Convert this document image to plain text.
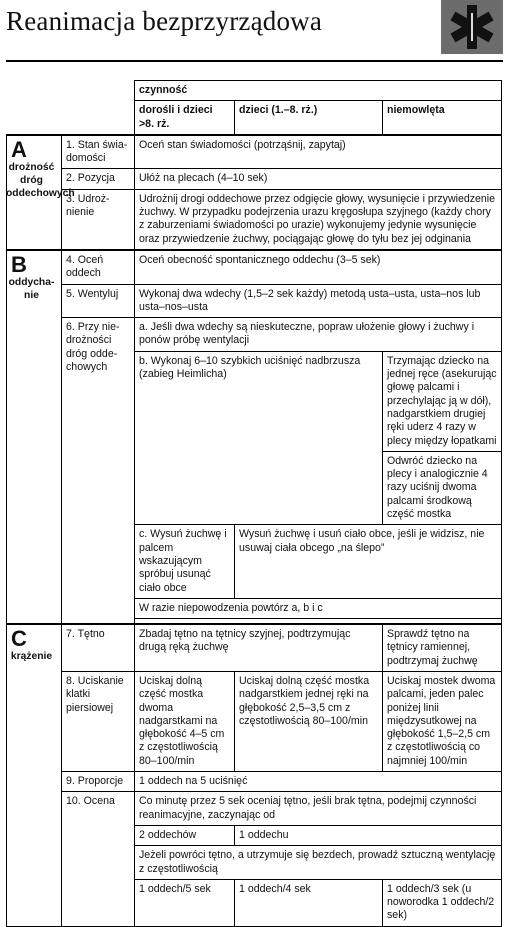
Reanimacja bezprzyrządowa
		czynność		
		dorośli i dzieci >8. rż.	dzieci (1.–8. rż.)	niemowlęta

A
drożność dróg oddechowych	1. Stan świa-domości	Oceń stan świadomości (potrząśnij, zapytaj)		
	2. Pozycja	Ułóż na plecach (4–10 sek)		
	3. Udroż-nienie	Udrożnij drogi oddechowe przez odgięcie głowy, wysunięcie i przywiedzenie żuchwy. W przypadku podejrzenia urazu kręgosłupa szyjnego (każdy chory z zaburzeniami świadomości po urazie) wykonujemy jedynie wysunięcie oraz przywiedzenie żuchwy, pociągając głowę do tyłu bez jej odginania		

B
oddycha-nie	4. Oceń oddech	Oceń obecność spontanicznego oddechu (3–5 sek)		
	5. Wentyluj	Wykonaj dwa wdechy (1,5–2 sek każdy) metodą usta–usta, usta–nos lub usta–nos–usta		
	6. Przy nie-drożności dróg odde-chowych	a. Jeśli dwa wdechy są nieskuteczne, popraw ułożenie głowy i żuchwy i ponów próbę wentylacji		
		b. Wykonaj 6–10 szybkich uciśnięć nadbrzusza (zabieg Heimlicha)		Trzymając dziecko na jednej ręce (asekurując głowę palcami i przechylając ją w dół), nadgarstkiem drugiej ręki uderz 4 razy w plecy między łopatkami
				Odwróć dziecko na plecy i analogicznie 4 razy uciśnij dwoma palcami środkową część mostka
		c. Wysuń żuchwę i palcem wskazującym spróbuj usunąć ciało obce	Wysuń żuchwę i usuń ciało obce, jeśli je widzisz, nie usuwaj ciała obcego „na ślepo”	
		W razie niepowodzenia powtórz a, b i c		

C
krążenie	7. Tętno	Zbadaj tętno na tętnicy szyjnej, podtrzymując drugą ręką żuchwę		Sprawdź tętno na tętnicy ramiennej, podtrzymaj żuchwę
	8. Uciskanie klatki piersiowej	Uciskaj dolną część mostka dwoma nadgarstkami na głębokość 4–5 cm z częstotliwością 80–100/min	Uciskaj dolną część mostka nadgarstkiem jednej ręki na głębokość 2,5–3,5 cm z częstotliwością 80–100/min	Uciskaj mostek dwoma palcami, jeden palec poniżej linii międzysutkowej na głębokość 1,5–2,5 cm z częstotliwością co najmniej 100/min
	9. Proporcje	1 oddech na 5 uciśnięć		
	10. Ocena	Co minutę przez 5 sek oceniaj tętno, jeśli brak tętna, podejmij czynności reanimacyjne, zaczynając od		
		2 oddechów	1 oddechu	
		Jeżeli powróci tętno, a utrzymuje się bezdech, prowadź sztuczną wentylację z częstotliwością		
		1 oddech/5 sek	1 oddech/4 sek	1 oddech/3 sek (u noworodka 1 oddech/2 sek)
